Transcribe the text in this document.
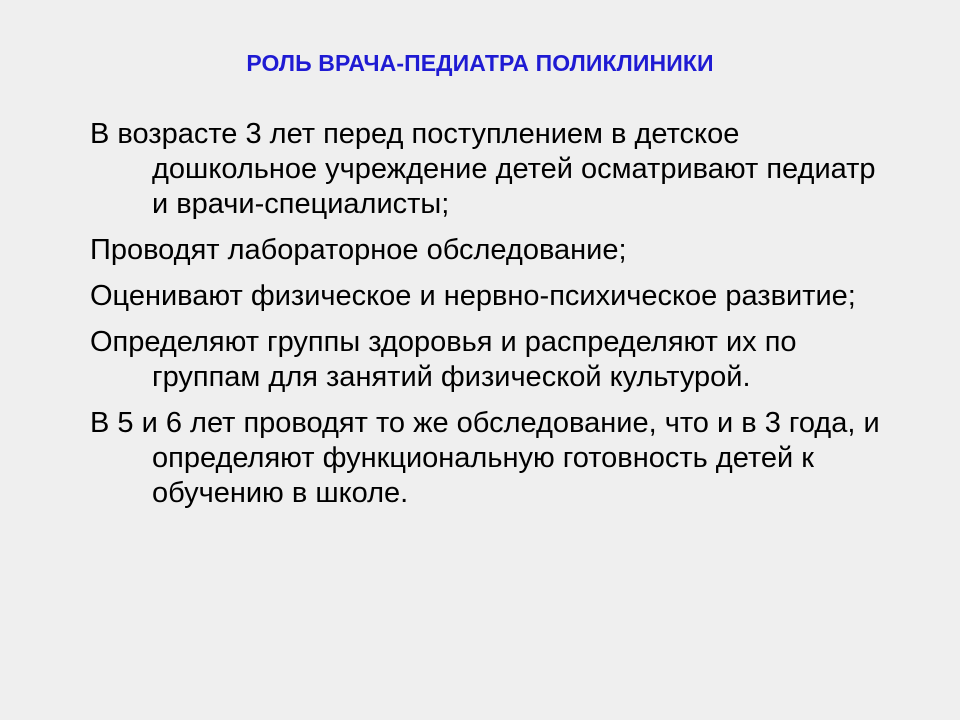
РОЛЬ ВРАЧА-ПЕДИАТРА ПОЛИКЛИНИКИ

В возрасте 3 лет перед поступлением в детское дошкольное учреждение детей осматривают педиатр и врачи-специалисты;

Проводят лабораторное обследование;

Оценивают физическое и нервно-психическое развитие;

Определяют группы здоровья и распределяют их по группам для занятий физической культурой.

В 5 и 6 лет проводят то же обследование, что и в 3 года, и определяют функциональную готовность детей к обучению в школе.
